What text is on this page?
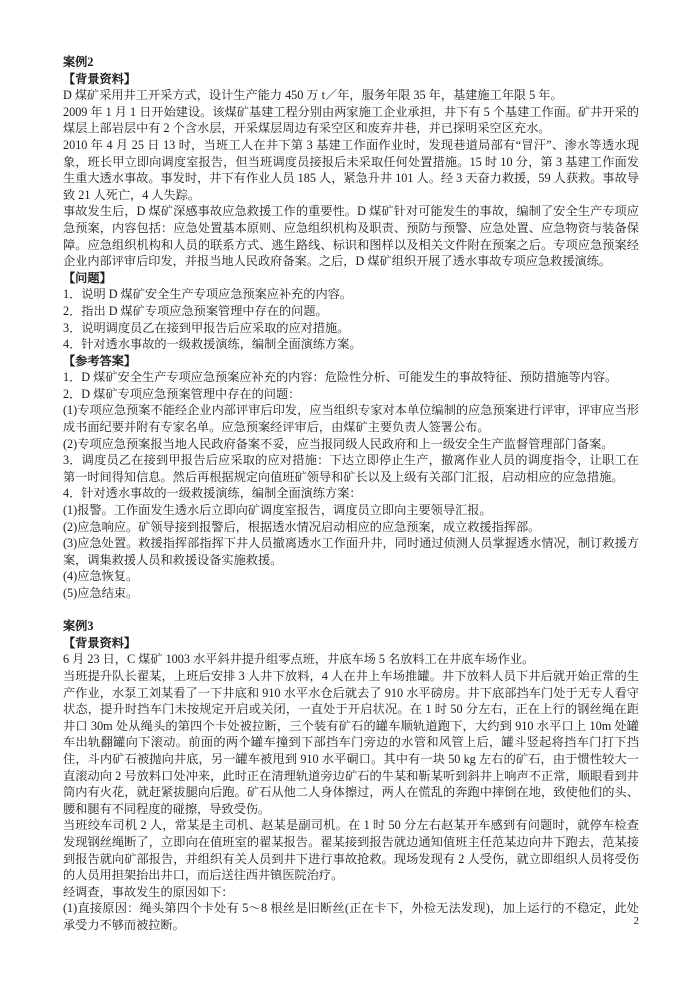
案例2

【背景资料】

D 煤矿采用井工开采方式，设计生产能力 450 万 t／年，服务年限 35 年，基建施工年限 5 年。

2009 年 1 月 1 日开始建设。该煤矿基建工程分别由两家施工企业承担，井下有 5 个基建工作面。矿井开采的煤层上部岩层中有 2 个含水层，开采煤层周边有采空区和废弃井巷，并已探明采空区充水。

2010 年 4 月 25 日 13 时，当班工人在井下第 3 基建工作面作业时，发现巷道局部有“冒汗”、渗水等透水现象，班长甲立即向调度室报告，但当班调度员接报后未采取任何处置措施。15 时 10 分，第 3 基建工作面发生重大透水事故。事发时，井下有作业人员 185 人，紧急升井 101 人。经 3 天奋力救援，59 人获救。事故导致 21 人死亡，4 人失踪。

事故发生后，D 煤矿深感事故应急救援工作的重要性。D 煤矿针对可能发生的事故，编制了安全生产专项应急预案，内容包括：应急处置基本原则、应急组织机构及职责、预防与预警、应急处置、应急物资与装备保障。应急组织机构和人员的联系方式、逃生路线、标识和图样以及相关文件附在预案之后。专项应急预案经企业内部评审后印发，并报当地人民政府备案。之后，D 煤矿组织开展了透水事故专项应急救援演练。

【问题】

1．说明 D 煤矿安全生产专项应急预案应补充的内容。

2．指出 D 煤矿专项应急预案管理中存在的问题。

3．说明调度员乙在接到甲报告后应采取的应对措施。

4．针对透水事故的一级救援演练，编制全面演练方案。

【参考答案】

1．D 煤矿安全生产专项应急预案应补充的内容：危险性分析、可能发生的事故特征、预防措施等内容。

2．D 煤矿专项应急预案管理中存在的问题：

(1)专项应急预案不能经企业内部评审后印发，应当组织专家对本单位编制的应急预案进行评审，评审应当形成书面纪要并附有专家名单。应急预案经评审后，由煤矿主要负责人签署公布。

(2)专项应急预案报当地人民政府备案不妥，应当报同级人民政府和上一级安全生产监督管理部门备案。

3．调度员乙在接到甲报告后应采取的应对措施：下达立即停止生产，撤离作业人员的调度指令，让职工在第一时间得知信息。然后再根据规定向值班矿领导和矿长以及上级有关部门汇报，启动相应的应急措施。

4．针对透水事故的一级救援演练，编制全面演练方案：

(1)报警。工作面发生透水后立即向矿调度室报告，调度员立即向主要领导汇报。

(2)应急响应。矿领导接到报警后，根据透水情况启动相应的应急预案，成立救援指挥部。

(3)应急处置。救援指挥部指挥下井人员撤离透水工作面升井，同时通过侦测人员掌握透水情况，制订救援方案，调集救援人员和救援设备实施救援。

(4)应急恢复。

(5)应急结束。

案例3

【背景资料】

6 月 23 日，C 煤矿 1003 水平斜井提升组零点班，井底车场 5 名放料工在井底车场作业。

当班提升队长翟某，上班后安排 3 人井下放料，4 人在井上车场推罐。井下放料人员下井后就开始正常的生产作业，水泵工刘某看了一下井底和 910 水平水仓后就去了 910 水平磅房。井下底部挡车门处于无专人看守状态，提升时挡车门未按规定开启或关闭，一直处于开启状况。在 1 时 50 分左右，正在上行的钢丝绳在距井口 30m 处从绳头的第四个卡处被拉断，三个装有矿石的罐车顺轨道跑下，大约到 910 水平口上 10m 处罐车出轨翻罐向下滚动。前面的两个罐车撞到下部挡车门旁边的水管和风管上后，罐斗竖起将挡车门打下挡住，斗内矿石被抛向井底，另一罐车被甩到 910 水平硐口。其中有一块 50 kg 左右的矿石，由于惯性较大一直滚动向 2 号放料口处冲来，此时正在清理轨道旁边矿石的牛某和靳某听到斜井上响声不正常，顺眼看到井筒内有火花，就赶紧拔腿向后跑。矿石从他二人身体擦过，两人在慌乱的奔跑中摔倒在地，致使他们的头、腰和腿有不同程度的碰擦，导致受伤。

当班绞车司机 2 人，常某是主司机、赵某是副司机。在 1 时 50 分左右赵某开车感到有问题时，就停车检查发现钢丝绳断了，立即向在值班室的翟某报告。翟某接到报告就边通知值班主任范某边向井下跑去，范某接到报告就向矿部报告，并组织有关人员到井下进行事故抢救。现场发现有 2 人受伤，就立即组织人员将受伤的人员用担架抬出井口，而后送往西井镇医院治疗。

经调查，事故发生的原因如下：

(1)直接原因：绳头第四个卡处有 5～8 根丝是旧断丝(正在卡下，外检无法发现)，加上运行的不稳定，此处承受力不够而被拉断。	2
